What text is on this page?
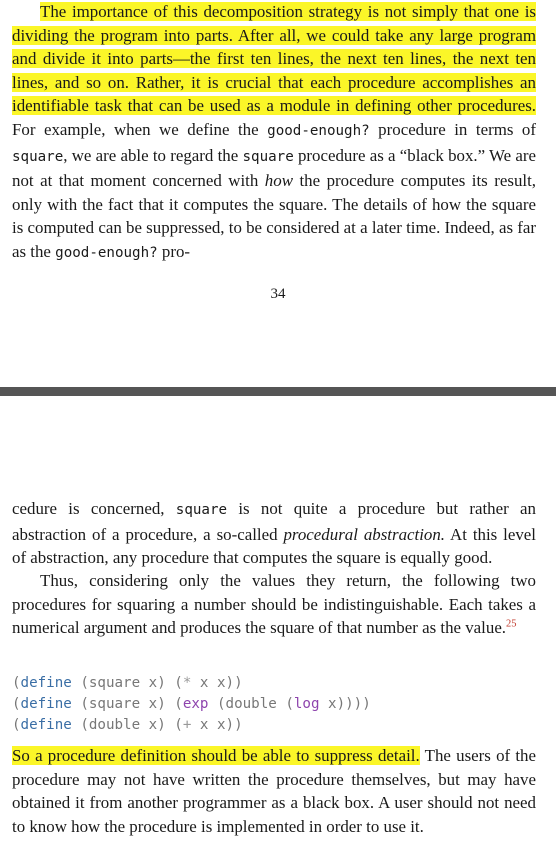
The importance of this decomposition strategy is not simply that one is dividing the program into parts. After all, we could take any large program and divide it into parts—the first ten lines, the next ten lines, the next ten lines, and so on. Rather, it is crucial that each procedure accomplishes an identifiable task that can be used as a module in defining other procedures. For example, when we define the good-enough? procedure in terms of square, we are able to regard the square procedure as a “black box.” We are not at that moment concerned with how the procedure computes its result, only with the fact that it computes the square. The details of how the square is computed can be suppressed, to be considered at a later time. Indeed, as far as the good-enough? pro-

34

cedure is concerned, square is not quite a procedure but rather an abstraction of a procedure, a so-called procedural abstraction. At this level of abstraction, any procedure that computes the square is equally good.

Thus, considering only the values they return, the following two procedures for squaring a number should be indistinguishable. Each takes a numerical argument and produces the square of that number as the value.$^{25}$

(define (square x) (* x x))
(define (square x) (exp (double (log x))))
(define (double x) (+ x x))

So a procedure definition should be able to suppress detail. The users of the procedure may not have written the procedure themselves, but may have obtained it from another programmer as a black box. A user should not need to know how the procedure is implemented in order to use it.
